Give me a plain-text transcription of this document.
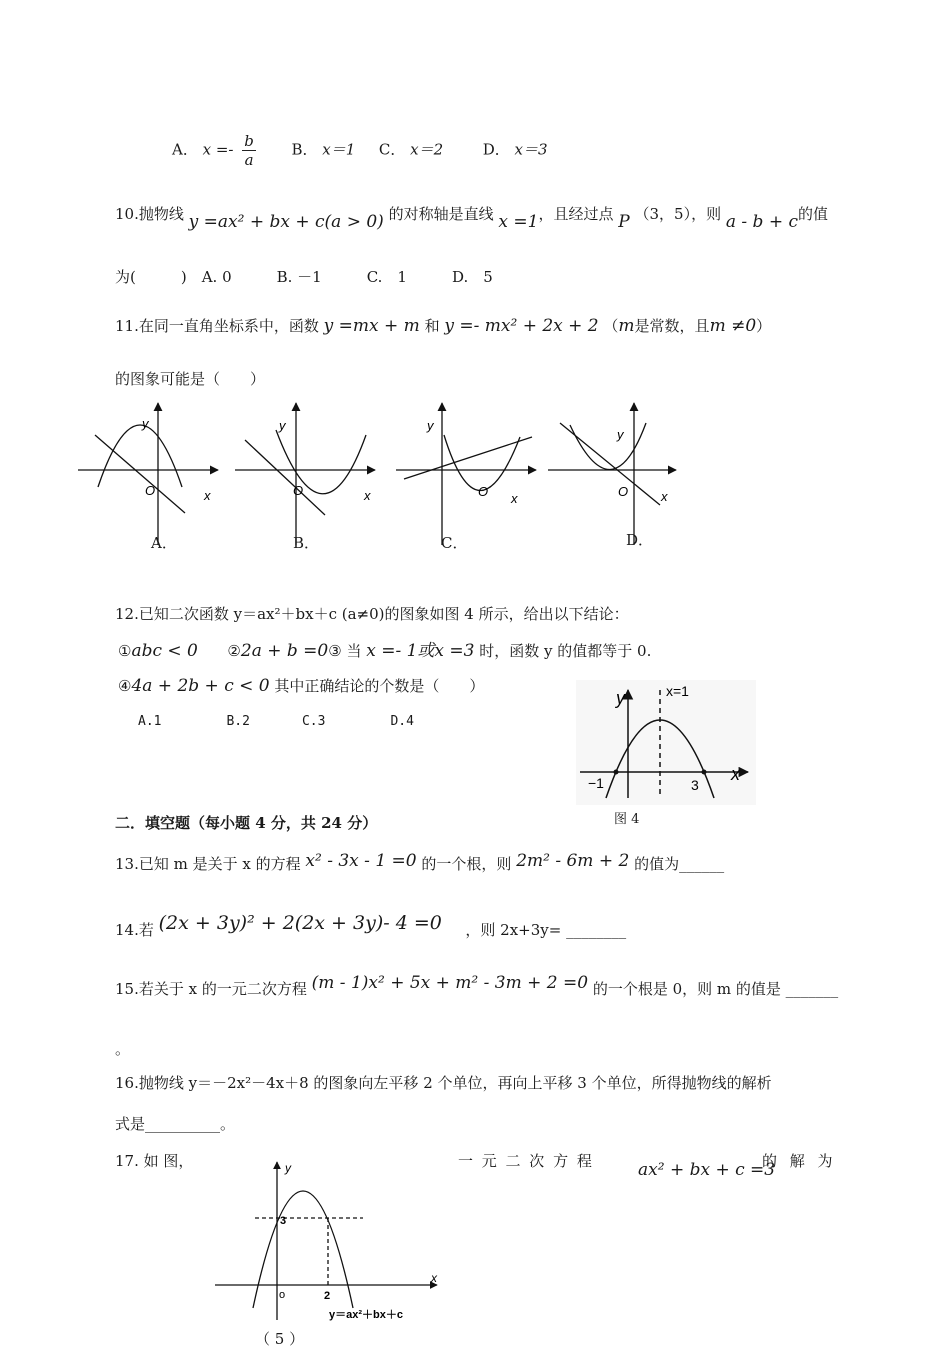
A． $x =- \frac{b}{a}$ B． x＝1 C． x＝2	D． x＝3
10.抛物线 y =ax² + bx + c(a > 0) 的对称轴是直线 x =1，且经过点 P （3，5），则 a - b + c的值
为(　　　)　A. 0　　　B. －1　　　C.　1　　　D.　5
11.在同一直角坐标系中，函数 y =mx + m 和 y =- mx² + 2x + 2 （m是常数，且m ≠0）
的图象可能是（　　）
y
O	x
y
O	x
y
O x
y
O	x
A．	B．	C．	D．
12.已知二次函数 y＝ax²＋bx＋c (a≠0)的图象如图 4 所示，给出以下结论：
①abc < 0 ②2a + b =0③ 当 x =- 1或x =3 时，函数 y 的值都等于 0.
④4a + 2b + c < 0 其中正确结论的个数是（　　）
A.1　　　　　B.2　　　　C.3　　　　　D.4
x=1
y
x
−1	3
图 4
二．填空题（每小题 4 分，共 24 分）
13.已知 m 是关于 x 的方程 x² - 3x - 1 =0 的一个根，则 2m² - 6m + 2 的值为______
14.若 (2x + 3y)² + 2(2x + 3y)- 4 =0 ，则 2x+3y= ________
15.若关于 x 的一元二次方程 (m - 1)x² + 5x + m² - 3m + 2 =0 的一个根是 0，则 m 的值是 _______
。
16.抛物线 y＝－2x²－4x＋8 的图象向左平移 2 个单位，再向上平移 3 个单位，所得抛物线的解析
式是__________。
17. 如 图，	一 元 二 次 方 程	ax² + bx + c =3
的 解 为
y
x
o	2
3
y＝ax²＋bx＋c
（ 5 ）
